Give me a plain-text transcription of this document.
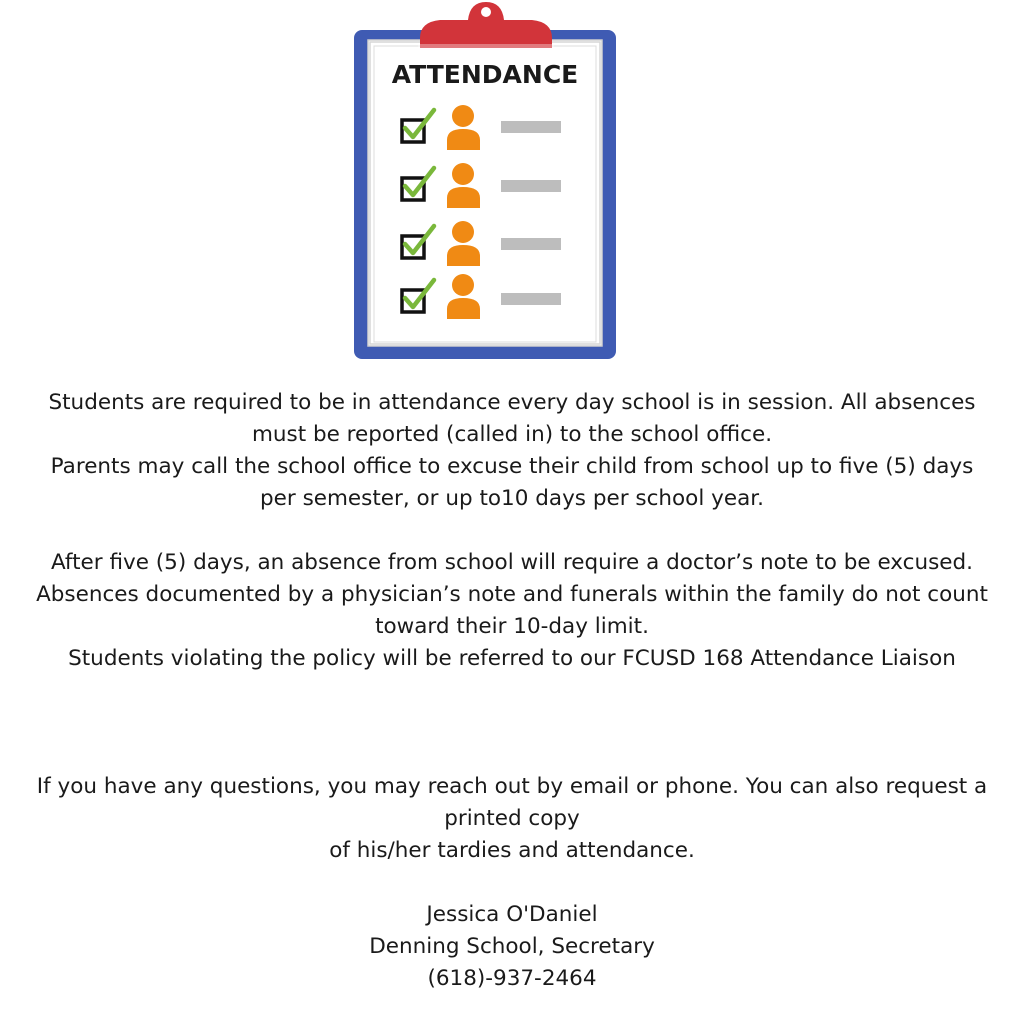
ATTENDANCE
Students are required to be in attendance every day school is in session. All absences
must be reported (called in) to the school office.
Parents may call the school office to excuse their child from school up to five (5) days
per semester, or up to10 days per school year.
After five (5) days, an absence from school will require a doctor’s note to be excused.
Absences documented by a physician’s note and funerals within the family do not count
toward their 10-day limit.
Students violating the policy will be referred to our FCUSD 168 Attendance Liaison
If you have any questions, you may reach out by email or phone. You can also request a
printed copy
of his/her tardies and attendance.
Jessica O'Daniel
Denning School, Secretary
(618)-937-2464
